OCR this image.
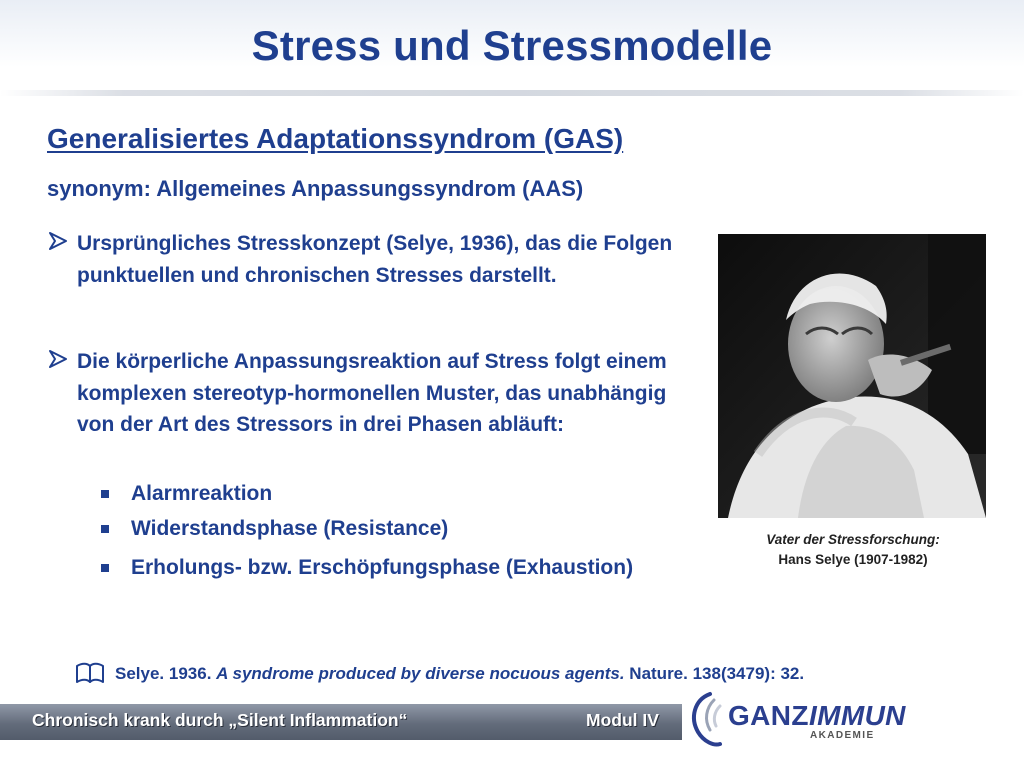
Stress und Stressmodelle
Generalisiertes Adaptationssyndrom (GAS)
synonym: Allgemeines Anpassungssyndrom (AAS)
Ursprüngliches Stresskonzept (Selye, 1936), das die Folgen punktuellen und chronischen Stresses darstellt.
Die körperliche Anpassungsreaktion auf Stress folgt einem komplexen stereotyp-hormonellen Muster, das unabhängig von der Art des Stressors in drei Phasen abläuft:
Alarmreaktion
Widerstandsphase (Resistance)
Erholungs- bzw. Erschöpfungsphase (Exhaustion)
Vater der Stressforschung:
Hans Selye (1907-1982)
Selye. 1936. A syndrome produced by diverse nocuous agents. Nature. 138(3479): 32.
Chronisch krank durch „Silent Inflammation“	Modul IV GANZIMMUN
AKADEMIE
